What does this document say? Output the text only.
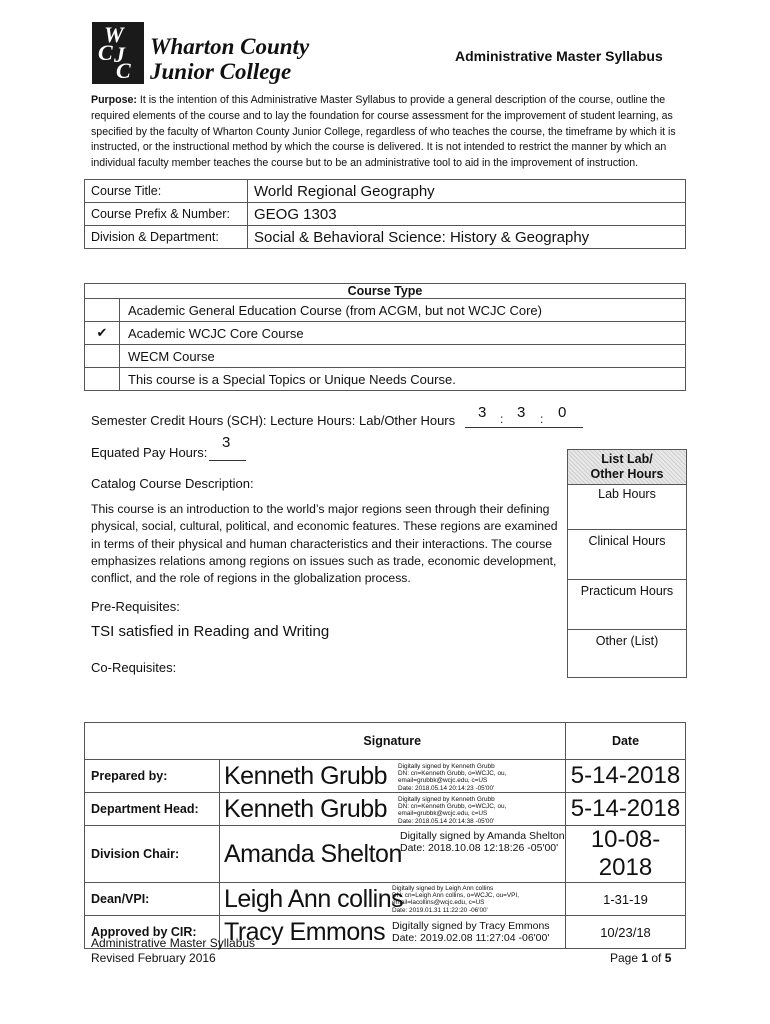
W
C J
C
Wharton County
Junior College
Administrative Master Syllabus
Purpose: It is the intention of this Administrative Master Syllabus to provide a general description of the course, outline the required elements of the course and to lay the foundation for course assessment for the improvement of student learning, as specified by the faculty of Wharton County Junior College, regardless of who teaches the course, the timeframe by which it is instructed, or the instructional method by which the course is delivered. It is not intended to restrict the manner by which an individual faculty member teaches the course but to be an administrative tool to aid in the improvement of instruction.
Course Title:	World Regional Geography
Course Prefix & Number:	GEOG 1303
Division & Department:	Social & Behavioral Science: History & Geography
Course Type	
	Academic General Education Course (from ACGM, but not WCJC Core)
✔	Academic WCJC Core Course
	WECM Course
	This course is a Special Topics or Unique Needs Course.
Semester Credit Hours (SCH): Lecture Hours: Lab/Other Hours 3 : 3 : 0
Equated Pay Hours:
3
Catalog Course Description:
This course is an introduction to the world’s major regions seen through their defining physical, social, cultural, political, and economic features. These regions are examined in terms of their physical and human characteristics and their interactions. The course emphasizes relations among regions on issues such as trade, economic development, conflict, and the role of regions in the globalization process.
List Lab/
Other Hours

Lab Hours
Clinical Hours
Practicum Hours
Other (List)
Pre-Requisites:
TSI satisfied in Reading and Writing
Co-Requisites:
	Signature	Date
Prepared by:	Kenneth Grubb Digitally signed by Kenneth Grubb
DN: cn=Kenneth Grubb, o=WCJC, ou,
email=grubbk@wcjc.edu, c=US
Date: 2018.05.14 20:14:23 -05'00'	5-14-2018
Department Head:	Kenneth Grubb Digitally signed by Kenneth Grubb
DN: cn=Kenneth Grubb, o=WCJC, ou,
email=grubbk@wcjc.edu, c=US
Date: 2018.05.14 20:14:38 -05'00'	5-14-2018
Division Chair:	Amanda Shelton
Digitally signed by Amanda Shelton
Date: 2018.10.08 12:18:26 -05'00'	10-08-2018
Dean/VPI:	Leigh Ann collins
Digitally signed by Leigh Ann collins
DN: cn=Leigh Ann collins, o=WCJC, ou=VPI,
email=lacollins@wcjc.edu, c=US
Date: 2019.01.31 11:22:20 -06'00'	1-31-19
Approved by CIR:	Tracy Emmons Digitally signed by Tracy Emmons
Date: 2019.02.08 11:27:04 -06'00'	10/23/18
Administrative Master Syllabus
Revised February 2016	Page 1 of 5
